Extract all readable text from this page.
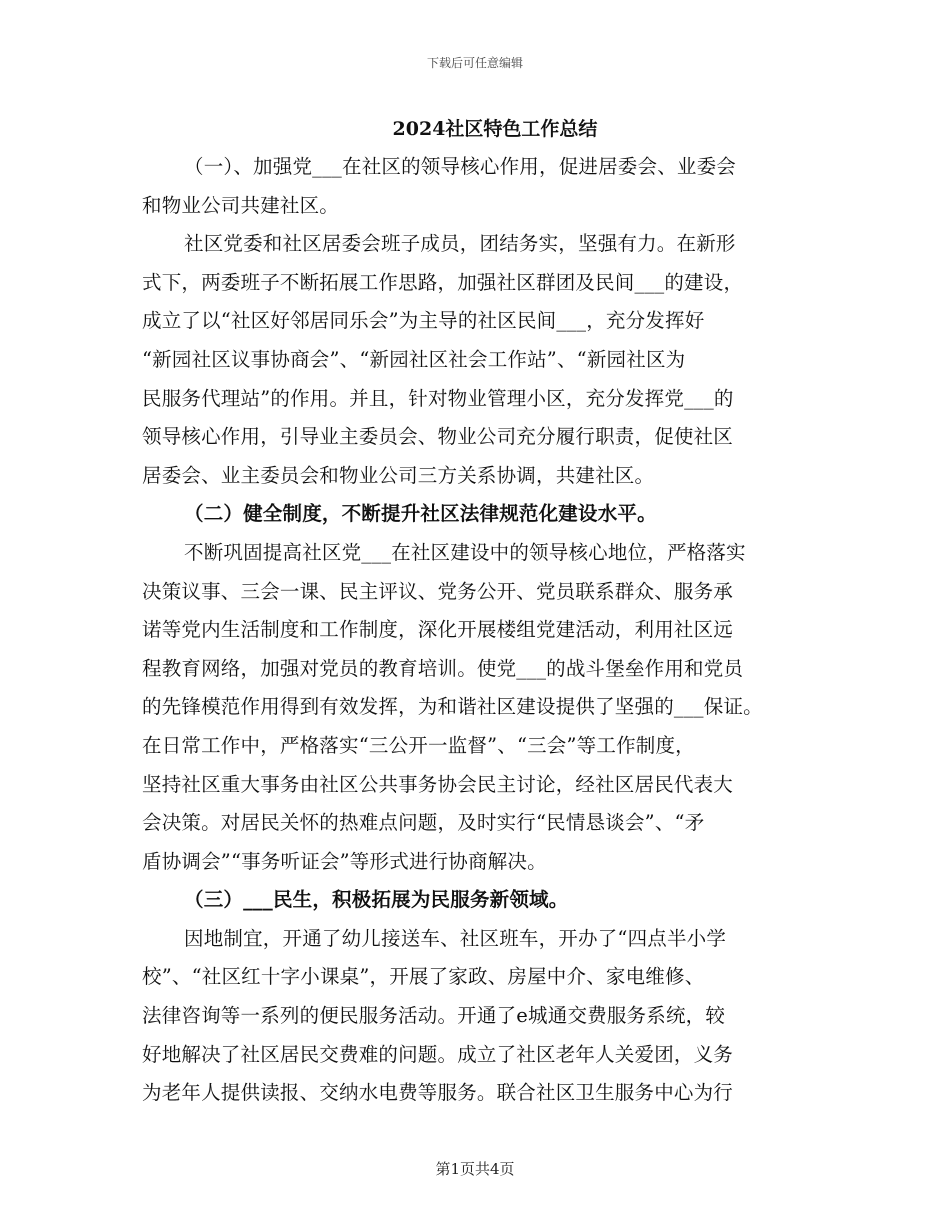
下载后可任意编辑
2024社区特色工作总结
（一）、加强党___在社区的领导核心作用，促进居委会、业委会
和物业公司共建社区。
社区党委和社区居委会班子成员，团结务实，坚强有力。在新形
式下，两委班子不断拓展工作思路，加强社区群团及民间___的建设，
成立了以“社区好邻居同乐会”为主导的社区民间___，充分发挥好
“新园社区议事协商会”、“新园社区社会工作站”、“新园社区为
民服务代理站”的作用。并且，针对物业管理小区，充分发挥党___的
领导核心作用，引导业主委员会、物业公司充分履行职责，促使社区
居委会、业主委员会和物业公司三方关系协调，共建社区。
（二）健全制度，不断提升社区法律规范化建设水平。
不断巩固提高社区党___在社区建设中的领导核心地位，严格落实
决策议事、三会一课、民主评议、党务公开、党员联系群众、服务承
诺等党内生活制度和工作制度，深化开展楼组党建活动，利用社区远
程教育网络，加强对党员的教育培训。使党___的战斗堡垒作用和党员
的先锋模范作用得到有效发挥，为和谐社区建设提供了坚强的___保证。
在日常工作中，严格落实“三公开一监督”、“三会”等工作制度，
坚持社区重大事务由社区公共事务协会民主讨论，经社区居民代表大
会决策。对居民关怀的热难点问题，及时实行“民情恳谈会”、“矛
盾协调会”“事务听证会”等形式进行协商解决。
（三）___民生，积极拓展为民服务新领域。
因地制宜，开通了幼儿接送车、社区班车，开办了“四点半小学
校”、“社区红十字小课桌”，开展了家政、房屋中介、家电维修、
法律咨询等一系列的便民服务活动。开通了e城通交费服务系统，较
好地解决了社区居民交费难的问题。成立了社区老年人关爱团，义务
为老年人提供读报、交纳水电费等服务。联合社区卫生服务中心为行
第1页共4页
